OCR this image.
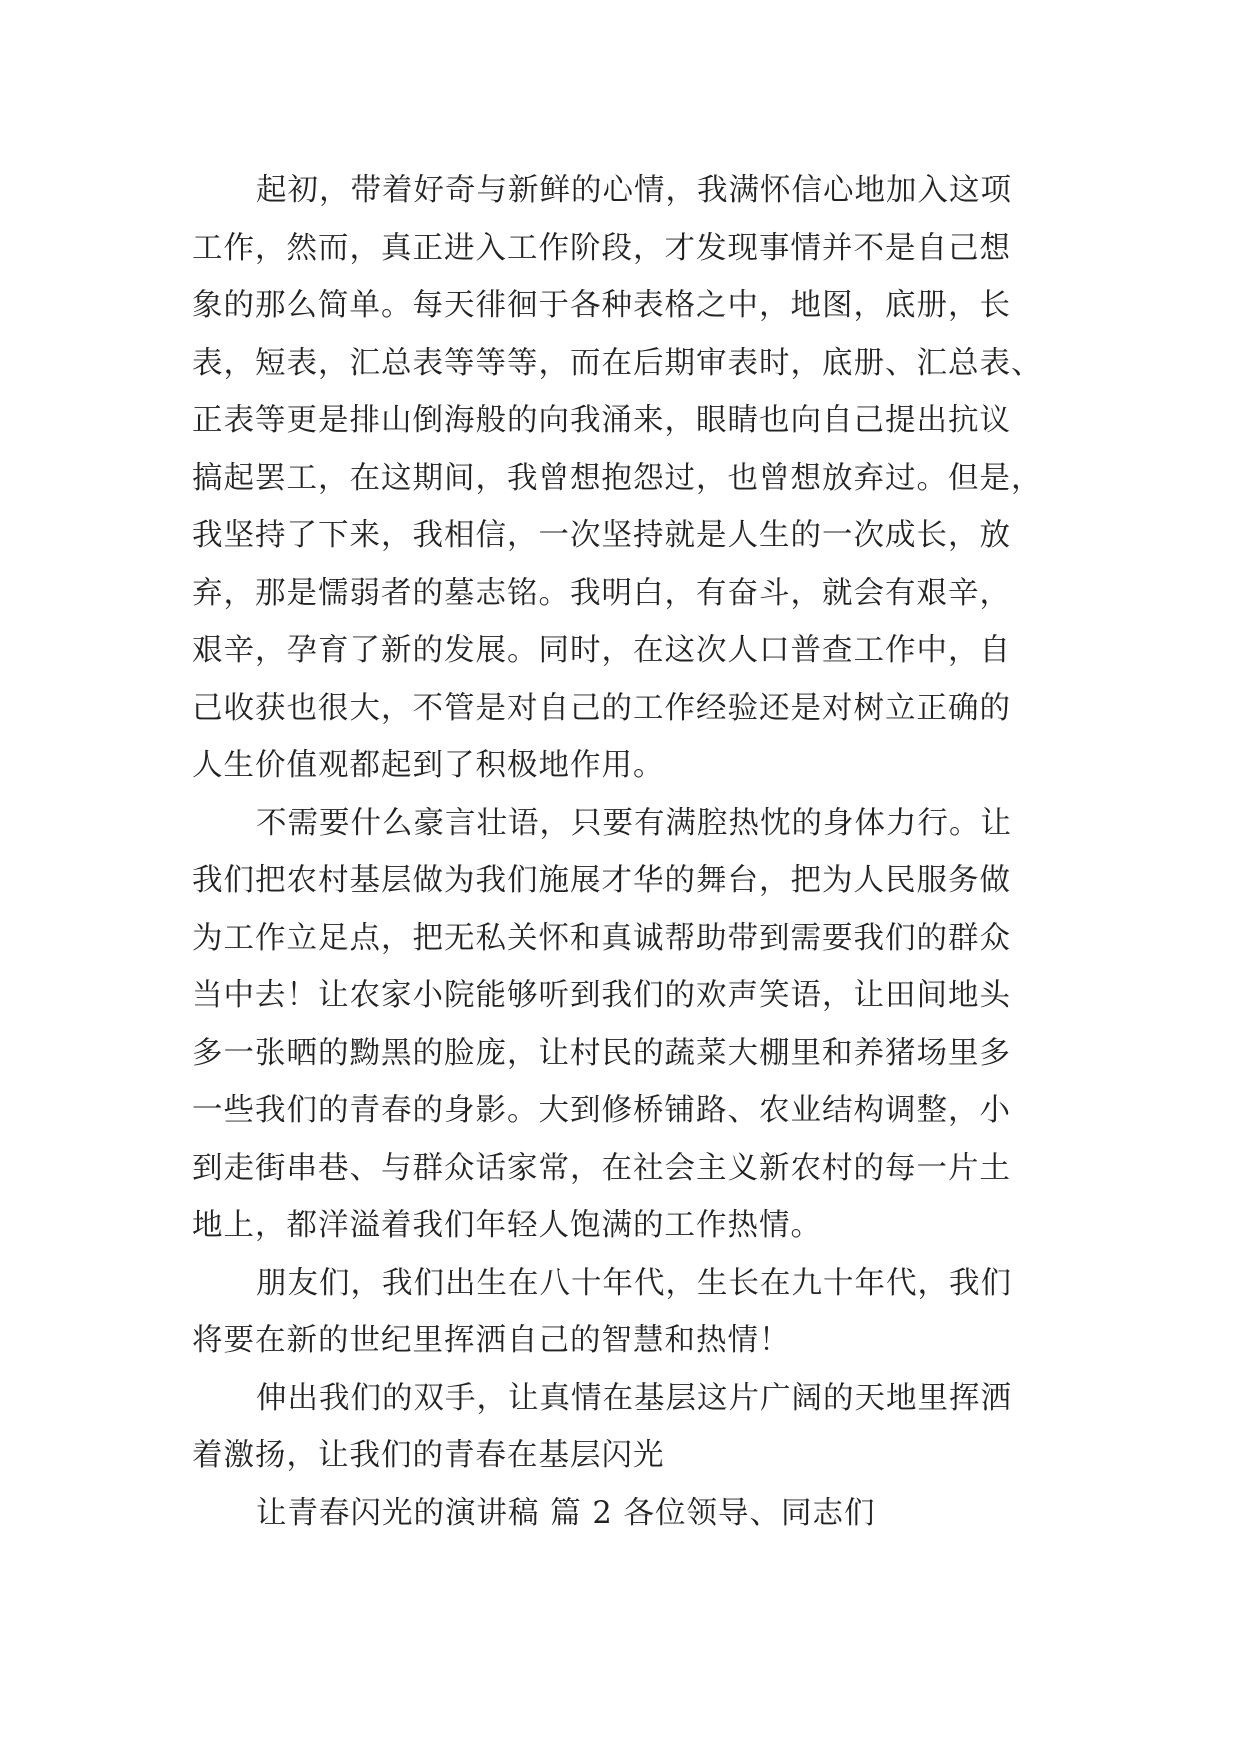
起初，带着好奇与新鲜的心情，我满怀信心地加入这项
工作，然而，真正进入工作阶段，才发现事情并不是自己想
象的那么简单。每天徘徊于各种表格之中，地图，底册，长
表，短表，汇总表等等等，而在后期审表时，底册、汇总表、
正表等更是排山倒海般的向我涌来，眼睛也向自己提出抗议
搞起罢工，在这期间，我曾想抱怨过，也曾想放弃过。但是，
我坚持了下来，我相信，一次坚持就是人生的一次成长，放
弃，那是懦弱者的墓志铭。我明白，有奋斗，就会有艰辛，
艰辛，孕育了新的发展。同时，在这次人口普查工作中，自
己收获也很大，不管是对自己的工作经验还是对树立正确的
人生价值观都起到了积极地作用。
不需要什么豪言壮语，只要有满腔热忱的身体力行。让
我们把农村基层做为我们施展才华的舞台，把为人民服务做
为工作立足点，把无私关怀和真诚帮助带到需要我们的群众
当中去！让农家小院能够听到我们的欢声笑语，让田间地头
多一张晒的黝黑的脸庞，让村民的蔬菜大棚里和养猪场里多
一些我们的青春的身影。大到修桥铺路、农业结构调整，小
到走街串巷、与群众话家常，在社会主义新农村的每一片土
地上，都洋溢着我们年轻人饱满的工作热情。
朋友们，我们出生在八十年代，生长在九十年代，我们
将要在新的世纪里挥洒自己的智慧和热情！
伸出我们的双手，让真情在基层这片广阔的天地里挥洒
着激扬，让我们的青春在基层闪光
让青春闪光的演讲稿 篇 2 各位领导、同志们
